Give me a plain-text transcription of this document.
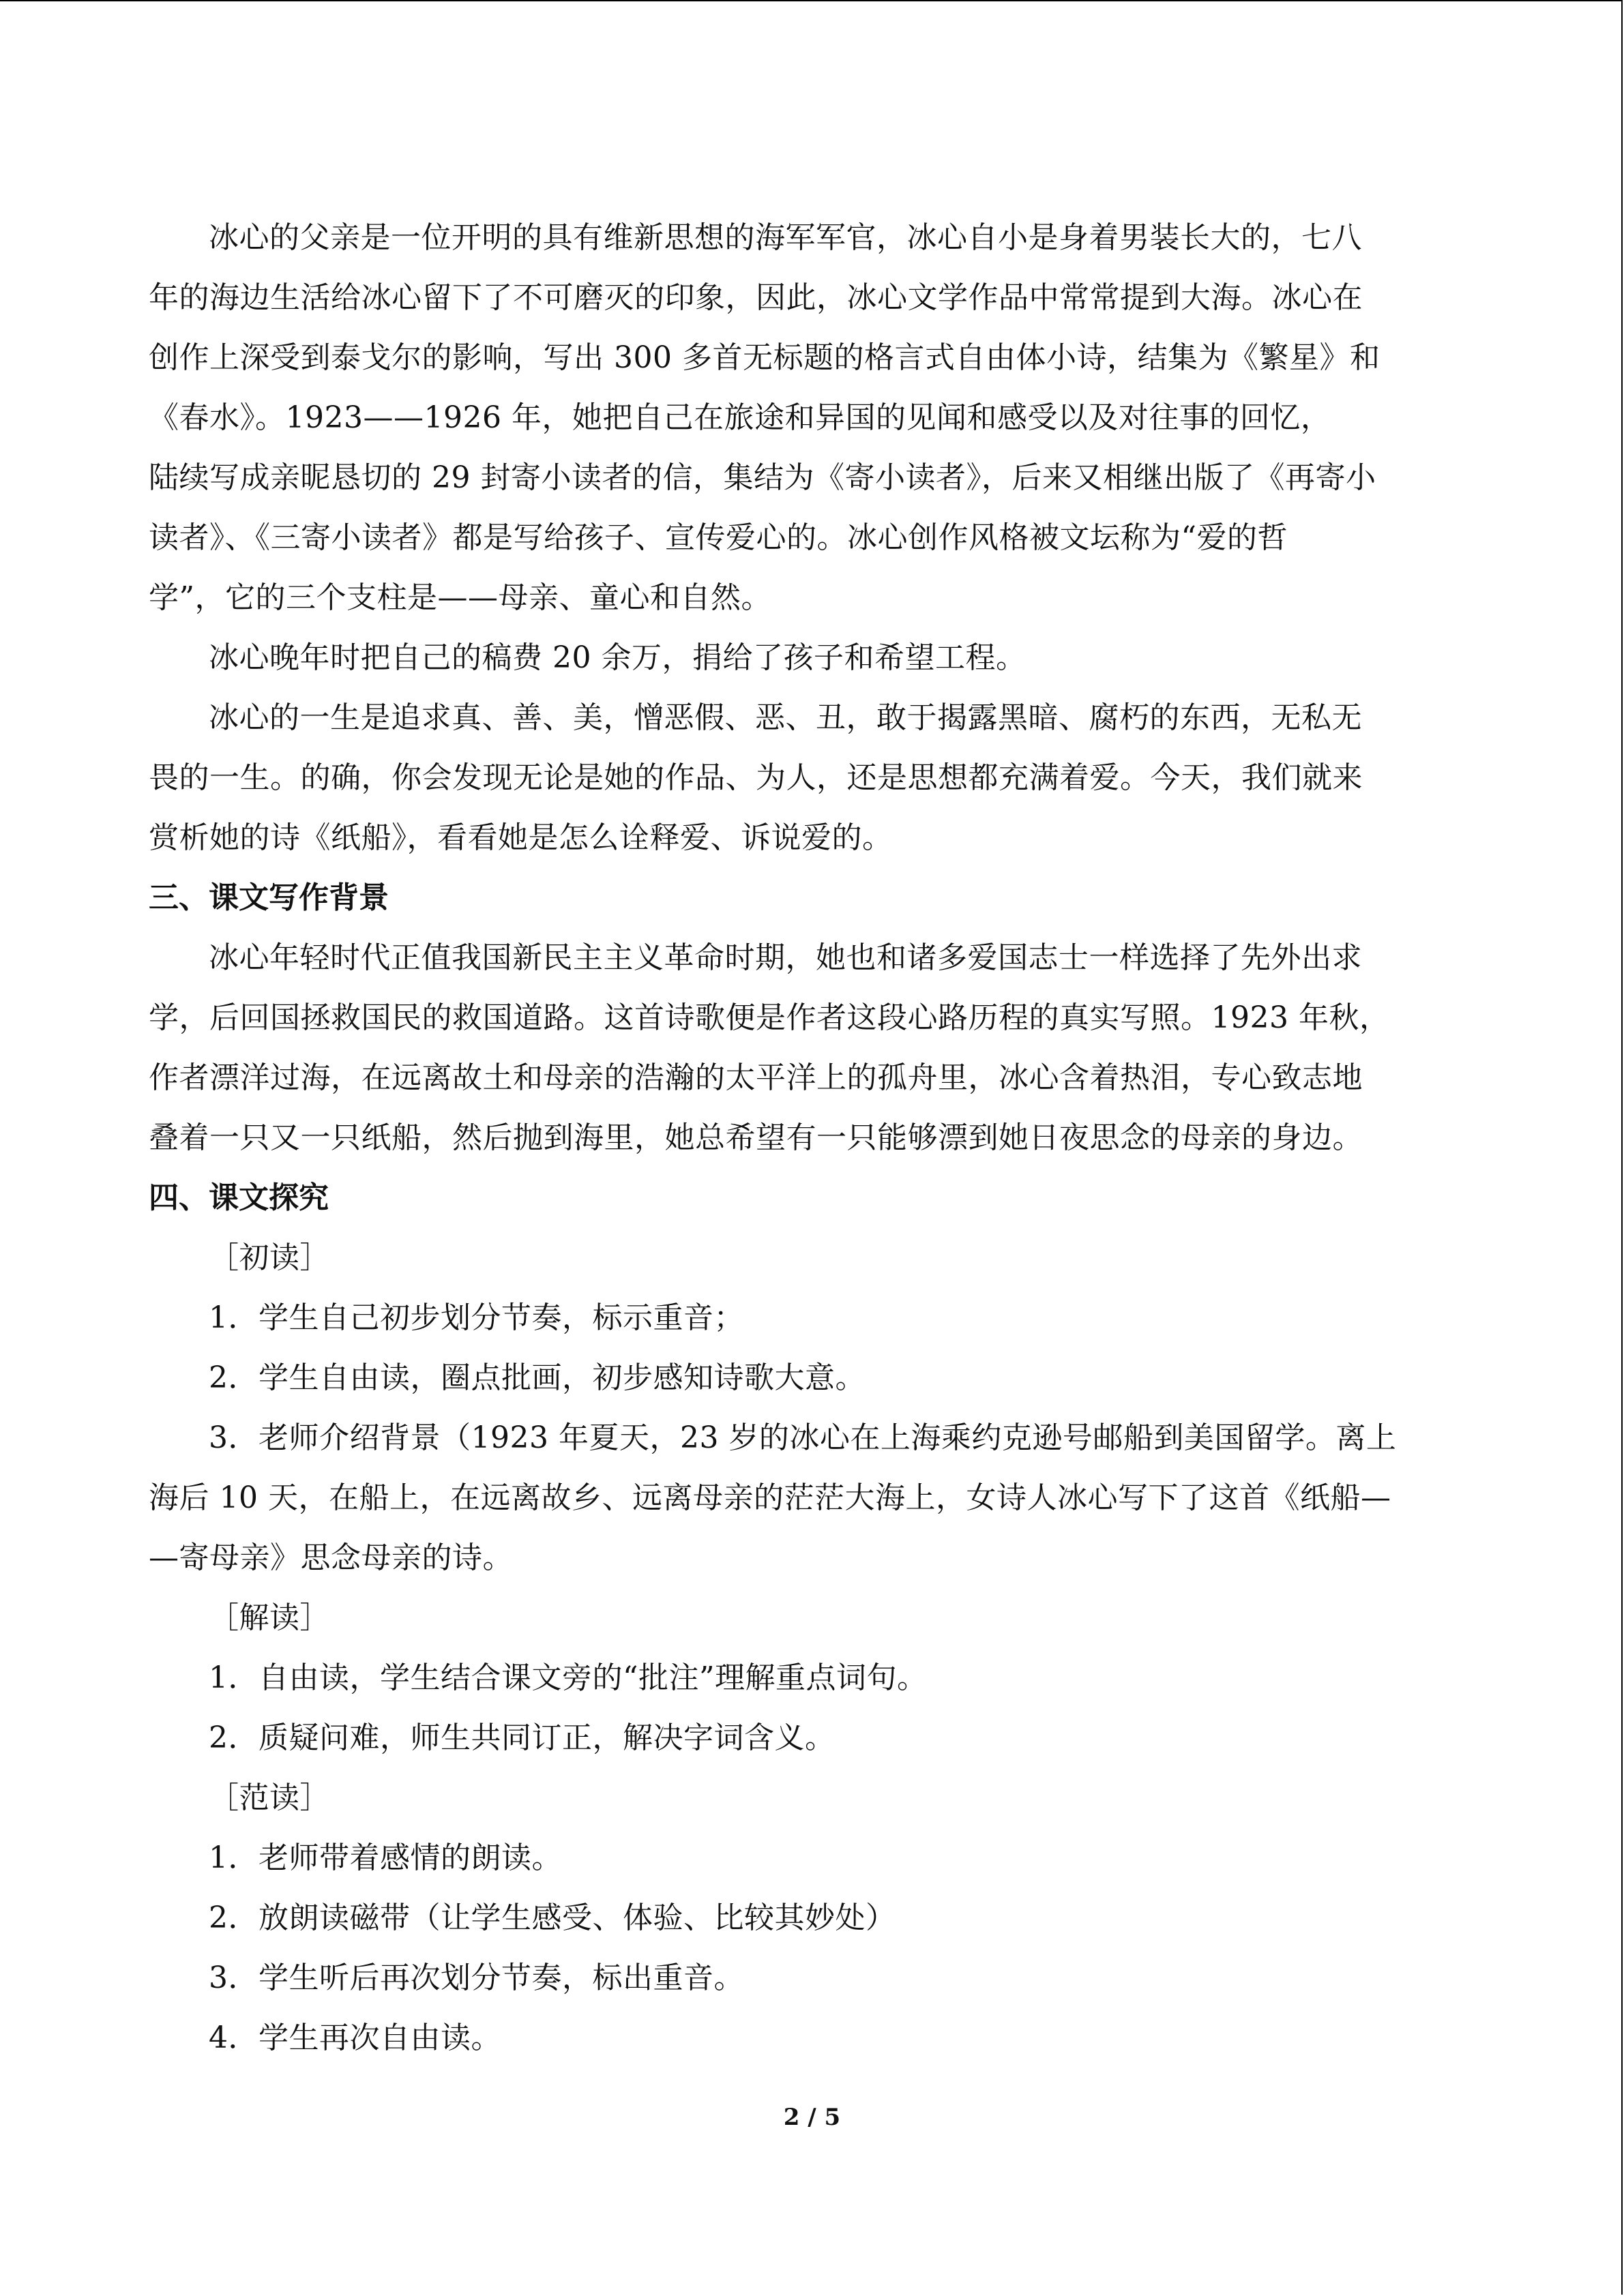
冰心的父亲是一位开明的具有维新思想的海军军官，冰心自小是身着男装长大的，七八

年的海边生活给冰心留下了不可磨灭的印象，因此，冰心文学作品中常常提到大海。冰心在

创作上深受到泰戈尔的影响，写出 300 多首无标题的格言式自由体小诗，结集为《繁星》和

《春水》。1923——1926 年，她把自己在旅途和异国的见闻和感受以及对往事的回忆，

陆续写成亲昵恳切的 29 封寄小读者的信，集结为《寄小读者》，后来又相继出版了《再寄小

读者》、《三寄小读者》都是写给孩子、宣传爱心的。冰心创作风格被文坛称为“爱的哲

学”，它的三个支柱是——母亲、童心和自然。

冰心晚年时把自己的稿费 20 余万，捐给了孩子和希望工程。

冰心的一生是追求真、善、美，憎恶假、恶、丑，敢于揭露黑暗、腐朽的东西，无私无

畏的一生。的确，你会发现无论是她的作品、为人，还是思想都充满着爱。今天，我们就来

赏析她的诗《纸船》，看看她是怎么诠释爱、诉说爱的。

三、课文写作背景

冰心年轻时代正值我国新民主主义革命时期，她也和诸多爱国志士一样选择了先外出求

学，后回国拯救国民的救国道路。这首诗歌便是作者这段心路历程的真实写照。1923 年秋，

作者漂洋过海，在远离故土和母亲的浩瀚的太平洋上的孤舟里，冰心含着热泪，专心致志地

叠着一只又一只纸船，然后抛到海里，她总希望有一只能够漂到她日夜思念的母亲的身边。

四、课文探究

［初读］

1．学生自己初步划分节奏，标示重音；

2．学生自由读，圈点批画，初步感知诗歌大意。

3．老师介绍背景（1923 年夏天，23 岁的冰心在上海乘约克逊号邮船到美国留学。离上

海后 10 天，在船上，在远离故乡、远离母亲的茫茫大海上，女诗人冰心写下了这首《纸船—

—寄母亲》思念母亲的诗。

［解读］

1．自由读，学生结合课文旁的“批注”理解重点词句。

2．质疑问难，师生共同订正，解决字词含义。

［范读］

1．老师带着感情的朗读。

2．放朗读磁带（让学生感受、体验、比较其妙处）

3．学生听后再次划分节奏，标出重音。

4．学生再次自由读。

2 / 5
